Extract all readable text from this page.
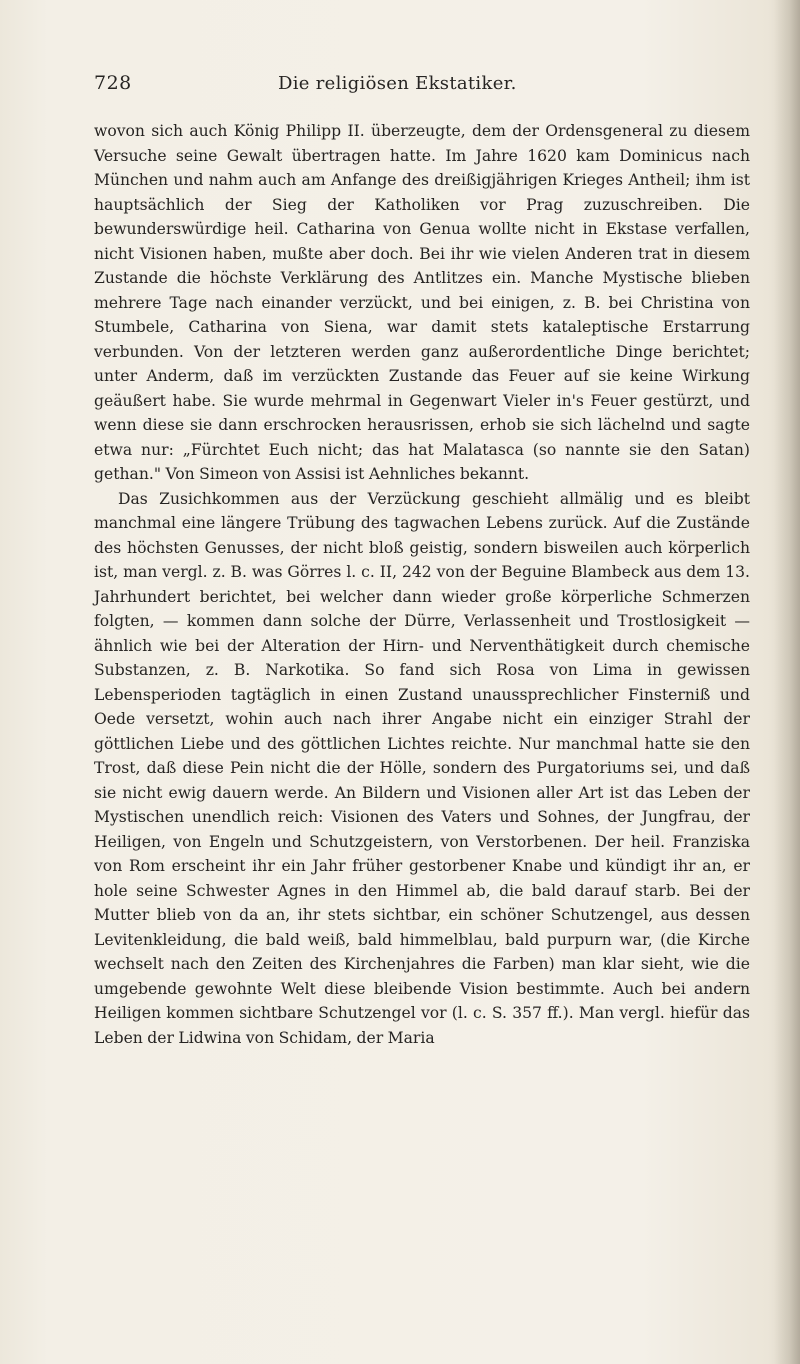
728	Die religiösen Ekstatiker.

wovon sich auch König Philipp II. überzeugte, dem der Ordensgeneral zu diesem Versuche seine Gewalt übertragen hatte. Im Jahre 1620 kam Dominicus nach München und nahm auch am Anfange des dreißigjährigen Krieges Antheil; ihm ist hauptsächlich der Sieg der Katholiken vor Prag zuzuschreiben. Die bewunderswürdige heil. Catharina von Genua wollte nicht in Ekstase verfallen, nicht Visionen haben, mußte aber doch. Bei ihr wie vielen Anderen trat in diesem Zustande die höchste Verklärung des Antlitzes ein. Manche Mystische blieben mehrere Tage nach einander verzückt, und bei einigen, z. B. bei Christina von Stumbele, Catharina von Siena, war damit stets kataleptische Erstarrung verbunden. Von der letzteren werden ganz außerordentliche Dinge berichtet; unter Anderm, daß im verzückten Zustande das Feuer auf sie keine Wirkung geäußert habe. Sie wurde mehrmal in Gegenwart Vieler in's Feuer gestürzt, und wenn diese sie dann erschrocken herausrissen, erhob sie sich lächelnd und sagte etwa nur: „Fürchtet Euch nicht; das hat Malatasca (so nannte sie den Satan) gethan." Von Simeon von Assisi ist Aehnliches bekannt.

Das Zusichkommen aus der Verzückung geschieht allmälig und es bleibt manchmal eine längere Trübung des tagwachen Lebens zurück. Auf die Zustände des höchsten Genusses, der nicht bloß geistig, sondern bisweilen auch körperlich ist, man vergl. z. B. was Görres l. c. II, 242 von der Beguine Blambeck aus dem 13. Jahrhundert berichtet, bei welcher dann wieder große körperliche Schmerzen folgten, — kommen dann solche der Dürre, Verlassenheit und Trostlosigkeit — ähnlich wie bei der Alteration der Hirn- und Nerventhätigkeit durch chemische Substanzen, z. B. Narkotika. So fand sich Rosa von Lima in gewissen Lebensperioden tagtäglich in einen Zustand unaussprechlicher Finsterniß und Oede versetzt, wohin auch nach ihrer Angabe nicht ein einziger Strahl der göttlichen Liebe und des göttlichen Lichtes reichte. Nur manchmal hatte sie den Trost, daß diese Pein nicht die der Hölle, sondern des Purgatoriums sei, und daß sie nicht ewig dauern werde. An Bildern und Visionen aller Art ist das Leben der Mystischen unendlich reich: Visionen des Vaters und Sohnes, der Jungfrau, der Heiligen, von Engeln und Schutzgeistern, von Verstorbenen. Der heil. Franziska von Rom erscheint ihr ein Jahr früher gestorbener Knabe und kündigt ihr an, er hole seine Schwester Agnes in den Himmel ab, die bald darauf starb. Bei der Mutter blieb von da an, ihr stets sichtbar, ein schöner Schutzengel, aus dessen Levitenkleidung, die bald weiß, bald himmelblau, bald purpurn war, (die Kirche wechselt nach den Zeiten des Kirchenjahres die Farben) man klar sieht, wie die umgebende gewohnte Welt diese bleibende Vision bestimmte. Auch bei andern Heiligen kommen sichtbare Schutzengel vor (l. c. S. 357 ff.). Man vergl. hiefür das Leben der Lidwina von Schidam, der Maria
